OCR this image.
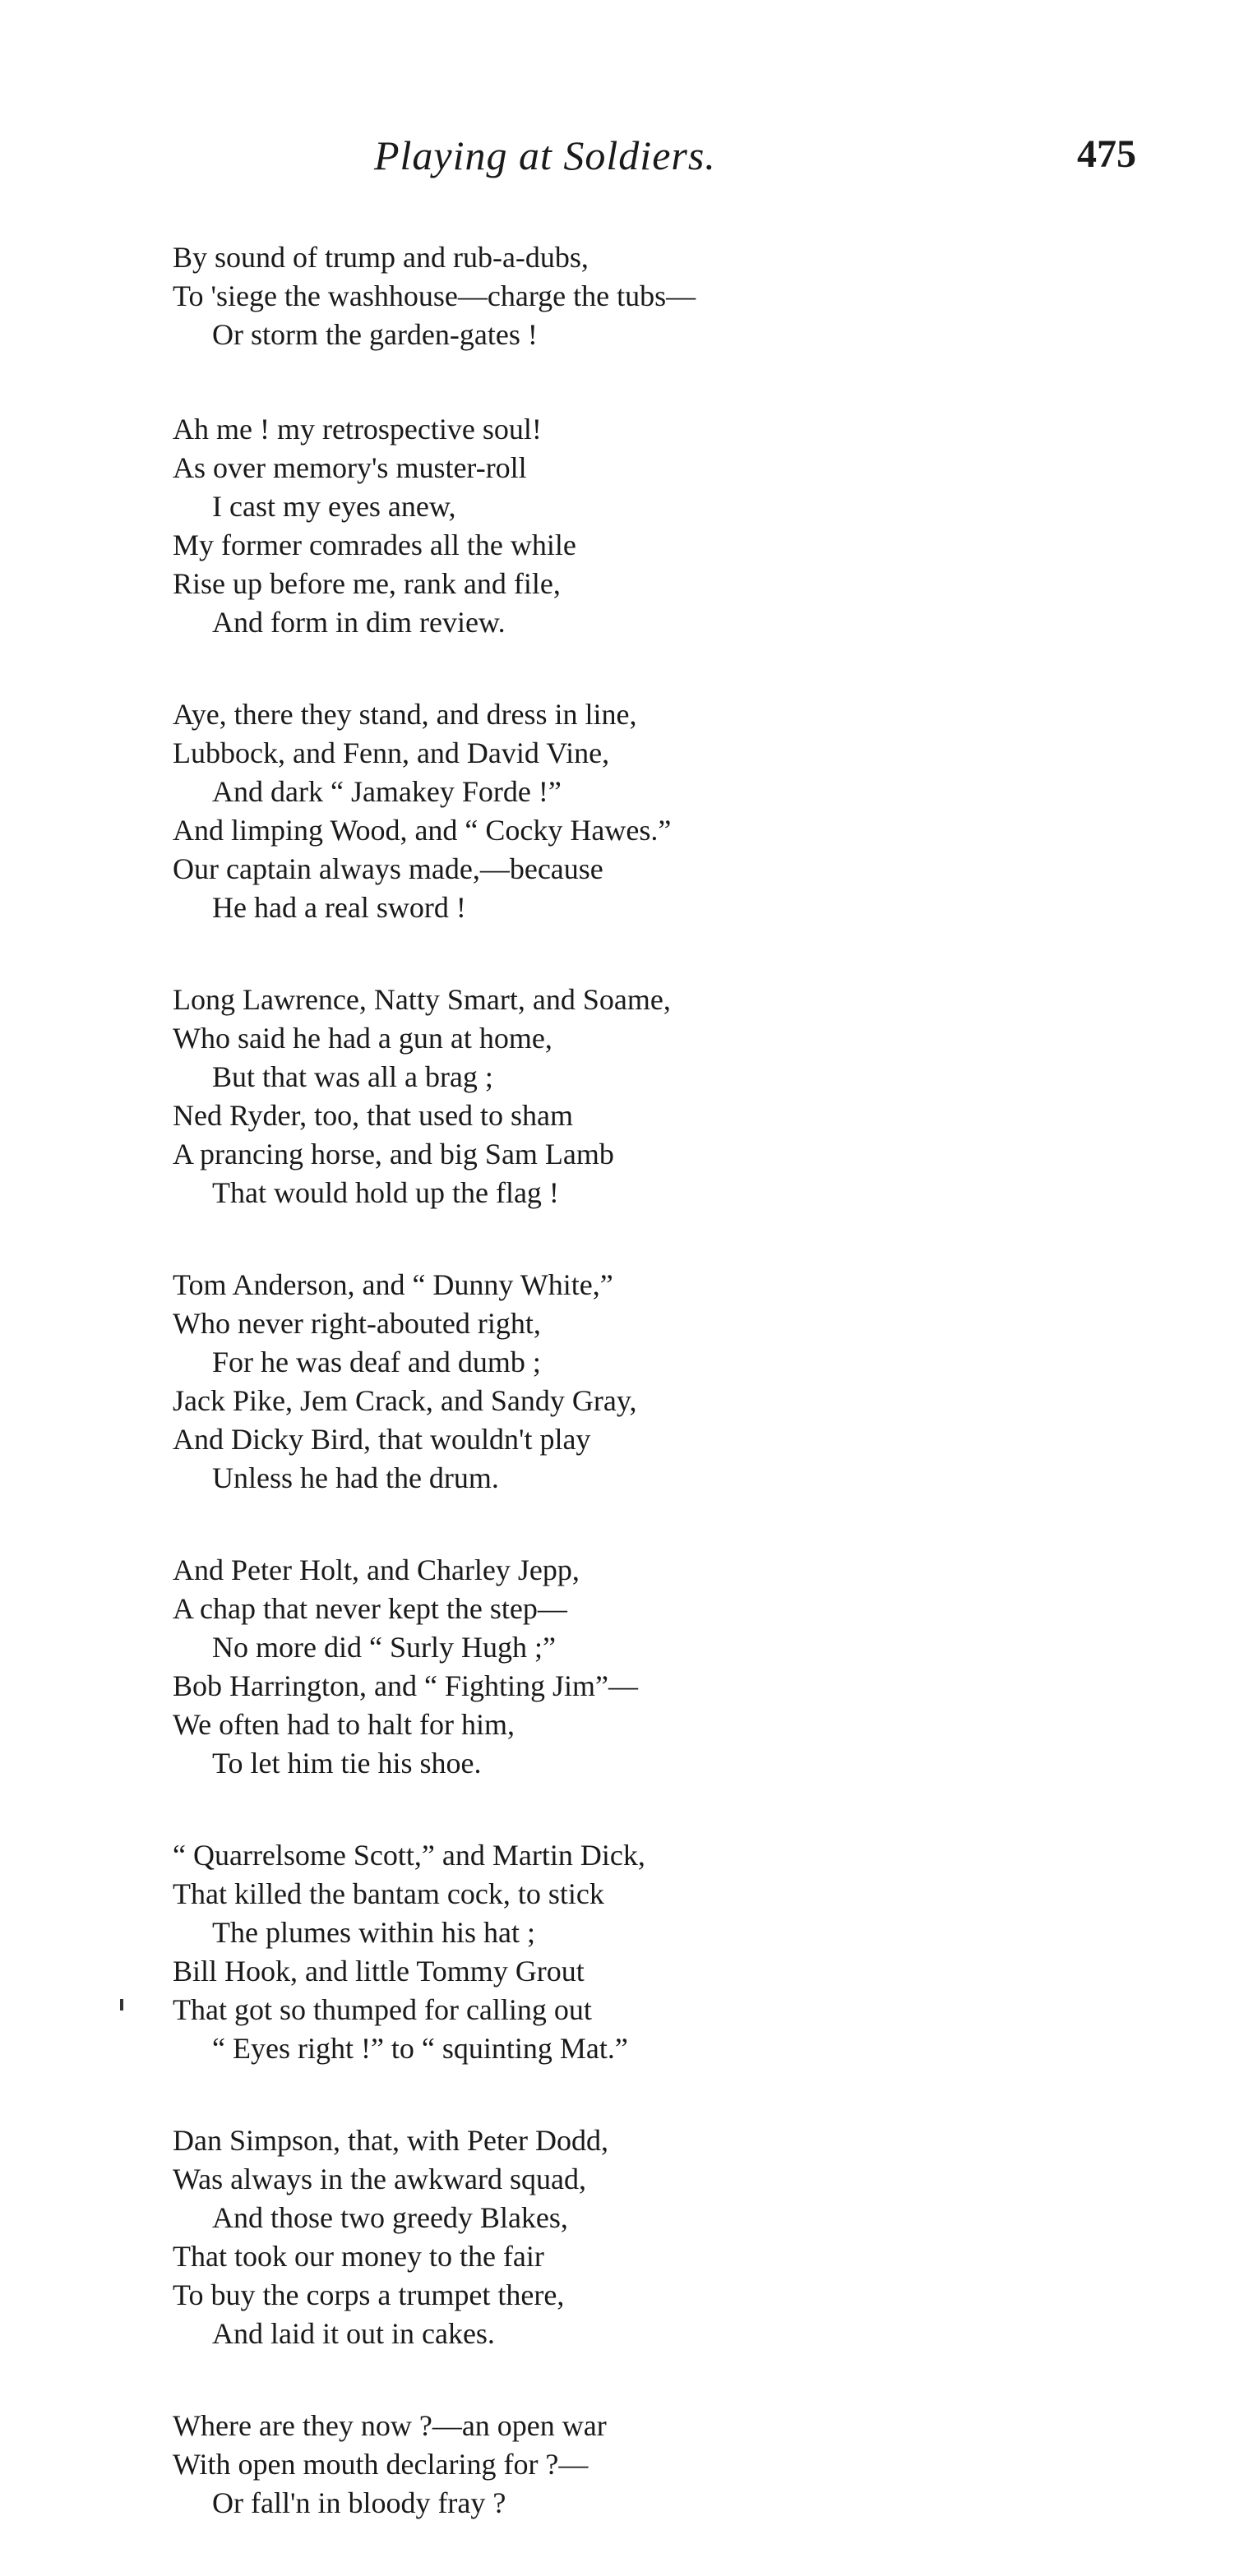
Playing at Soldiers.	475
By sound of trump and rub-a-dubs,
To 'siege the washhouse—charge the tubs—
Or storm the garden-gates !
Ah me ! my retrospective soul!
As over memory's muster-roll
I cast my eyes anew,
My former comrades all the while
Rise up before me, rank and file,
And form in dim review.
Aye, there they stand, and dress in line,
Lubbock, and Fenn, and David Vine,
And dark “ Jamakey Forde !”
And limping Wood, and “ Cocky Hawes.”
Our captain always made,—because
He had a real sword !
Long Lawrence, Natty Smart, and Soame,
Who said he had a gun at home,
But that was all a brag ;
Ned Ryder, too, that used to sham
A prancing horse, and big Sam Lamb
That would hold up the flag !
Tom Anderson, and “ Dunny White,”
Who never right-abouted right,
For he was deaf and dumb ;
Jack Pike, Jem Crack, and Sandy Gray,
And Dicky Bird, that wouldn't play
Unless he had the drum.
And Peter Holt, and Charley Jepp,
A chap that never kept the step—
No more did “ Surly Hugh ;”
Bob Harrington, and “ Fighting Jim”—
We often had to halt for him,
To let him tie his shoe.
“ Quarrelsome Scott,” and Martin Dick,
That killed the bantam cock, to stick
The plumes within his hat ;
Bill Hook, and little Tommy Grout
That got so thumped for calling out
“ Eyes right !” to “ squinting Mat.”
Dan Simpson, that, with Peter Dodd,
Was always in the awkward squad,
And those two greedy Blakes,
That took our money to the fair
To buy the corps a trumpet there,
And laid it out in cakes.
Where are they now ?—an open war
With open mouth declaring for ?—
Or fall'n in bloody fray ?
